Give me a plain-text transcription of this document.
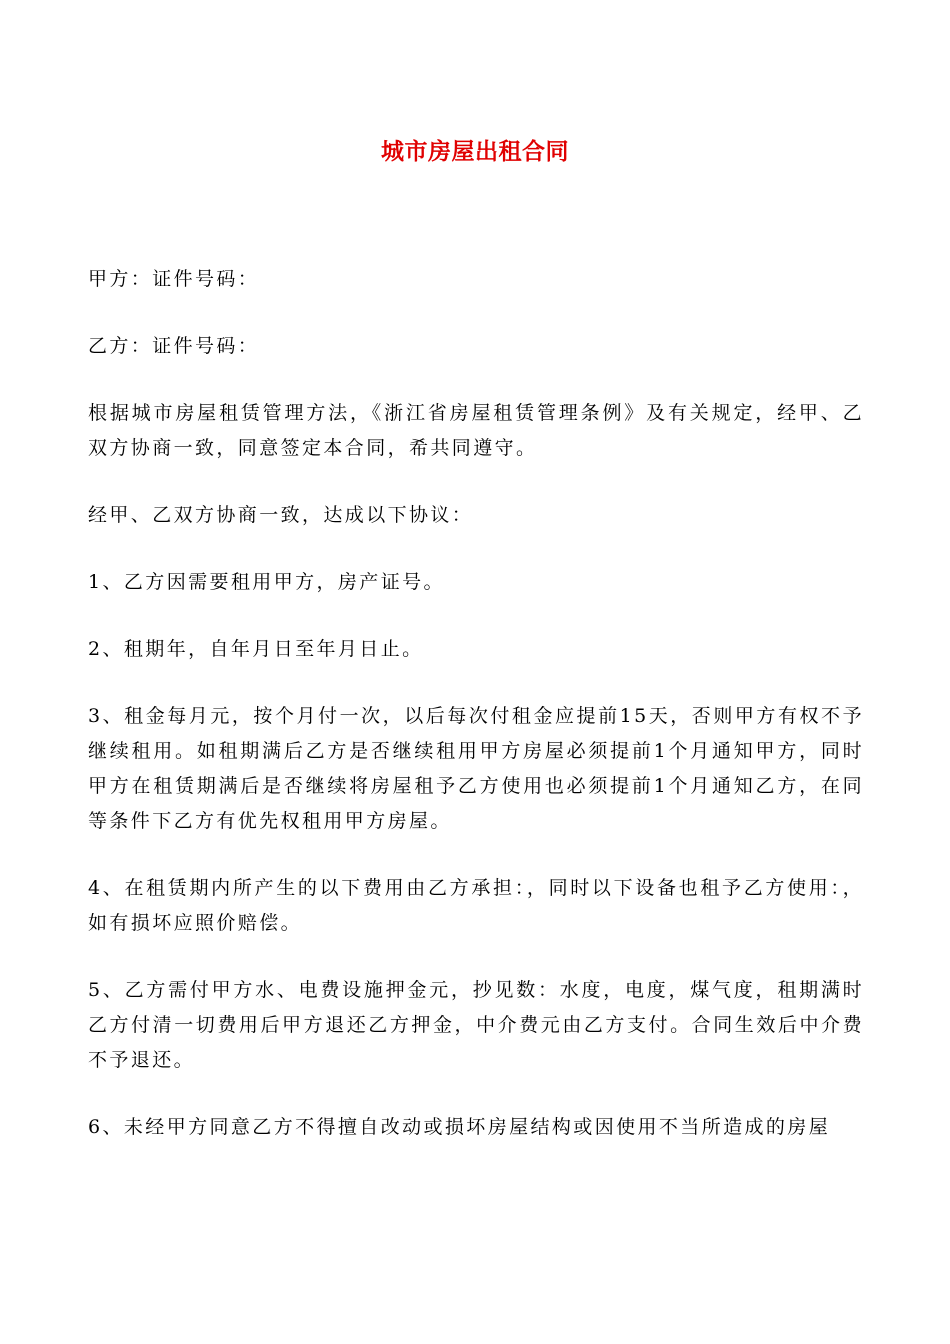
城市房屋出租合同

甲方：证件号码：

乙方：证件号码：

根据城市房屋租赁管理方法，《浙江省房屋租赁管理条例》及有关规定，经甲、乙双方协商一致，同意签定本合同，希共同遵守。

经甲、乙双方协商一致，达成以下协议：

1、乙方因需要租用甲方，房产证号。

2、租期年，自年月日至年月日止。

3、租金每月元，按个月付一次，以后每次付租金应提前15天，否则甲方有权不予继续租用。如租期满后乙方是否继续租用甲方房屋必须提前1个月通知甲方，同时甲方在租赁期满后是否继续将房屋租予乙方使用也必须提前1个月通知乙方，在同等条件下乙方有优先权租用甲方房屋。

4、在租赁期内所产生的以下费用由乙方承担：，同时以下设备也租予乙方使用：，如有损坏应照价赔偿。

5、乙方需付甲方水、电费设施押金元，抄见数：水度，电度，煤气度，租期满时乙方付清一切费用后甲方退还乙方押金，中介费元由乙方支付。合同生效后中介费不予退还。

6、未经甲方同意乙方不得擅自改动或损坏房屋结构或因使用不当所造成的房屋
